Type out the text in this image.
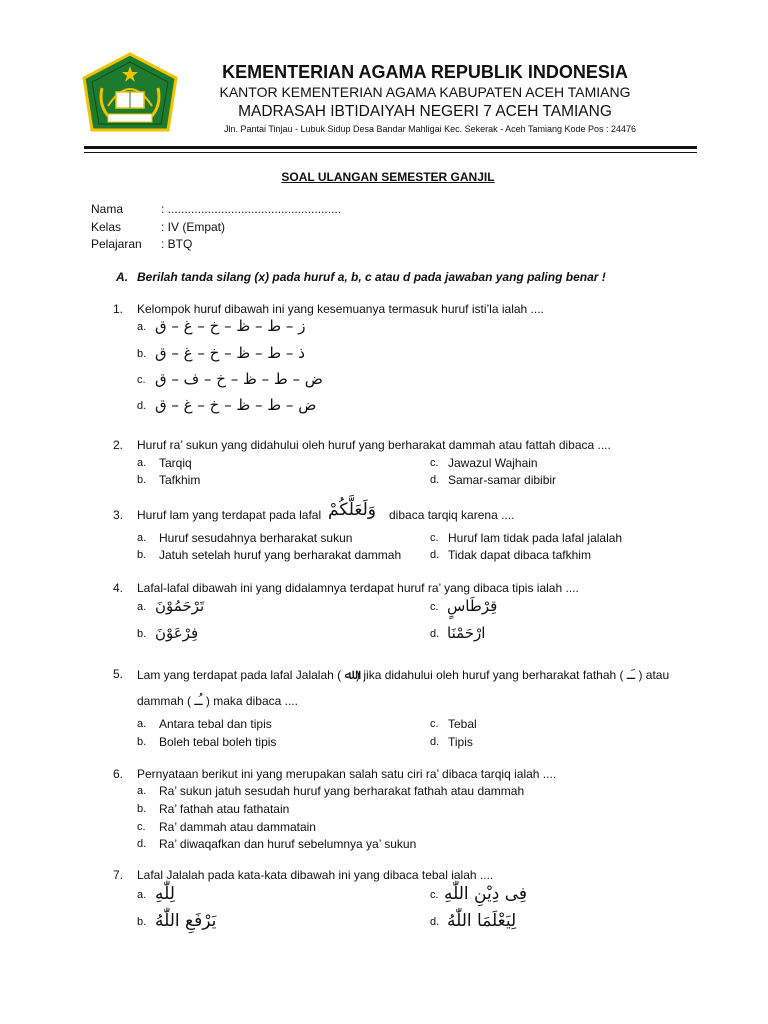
KEMENTERIAN AGAMA REPUBLIK INDONESIA
KANTOR KEMENTERIAN AGAMA KABUPATEN ACEH TAMIANG
MADRASAH IBTIDAIYAH NEGERI 7 ACEH TAMIANG
Jln. Pantai Tinjau - Lubuk Sidup Desa Bandar Mahligai Kec. Sekerak - Aceh Tamiang Kode Pos : 24476
SOAL ULANGAN SEMESTER GANJIL
Nama	: ....................................................
Kelas	: IV (Empat)
Pelajaran : BTQ
A. Berilah tanda silang (x) pada huruf a, b, c atau d pada jawaban yang paling benar !
1. Kelompok huruf dibawah ini yang kesemuanya termasuk huruf isti’la ialah ....
a. ز – ط – ظ – خ – غ – ق
b. ذ – ط – ظ – خ – غ – ق
c. ض – ط – ظ – خ – ف – ق
d. ض – ط – ظ – خ – غ – ق
2. Huruf ra’ sukun yang didahului oleh huruf yang berharakat dammah atau fattah dibaca ....
a. Tarqiq
b. Tafkhim
c. Jawazul Wajhain
d. Samar-samar dibibir
3. Huruf lam yang terdapat pada lafal وَلَعَلَّكُمْ	dibaca tarqiq karena ....
a. Huruf sesudahnya berharakat sukun
b. Jatuh setelah huruf yang berharakat dammah
c. Huruf lam tidak pada lafal jalalah
d. Tidak dapat dibaca tafkhim
4. Lafal-lafal dibawah ini yang didalamnya terdapat huruf ra’ yang dibaca tipis ialah ....
a. تَرْحَمُوْنَ
b. فِرْعَوْنَ
c. قِرْطَاسٍ
d. ارْحَمْنَا
5. Lam yang terdapat pada lafal Jalalah ( ﷲ ) jika didahului oleh huruf yang berharakat fathah ( ـَـ ) atau
dammah ( ـُـ ) maka dibaca ....
a. Antara tebal dan tipis
b. Boleh tebal boleh tipis
c. Tebal
d. Tipis
6. Pernyataan berikut ini yang merupakan salah satu ciri ra’ dibaca tarqiq ialah ....
a. Ra’ sukun jatuh sesudah huruf yang berharakat fathah atau dammah
b. Ra’ fathah atau fathatain
c. Ra’ dammah atau dammatain
d. Ra’ diwaqafkan dan huruf sebelumnya ya’ sukun
7. Lafal Jalalah pada kata-kata dibawah ini yang dibaca tebal ialah ....
a. لِلّٰهِ
b. يَرْفَعِ اللّٰهُ
c. فِى دِيْنِ اللّٰهِ
d. لِيَعْلَمَا اللّٰهُ
